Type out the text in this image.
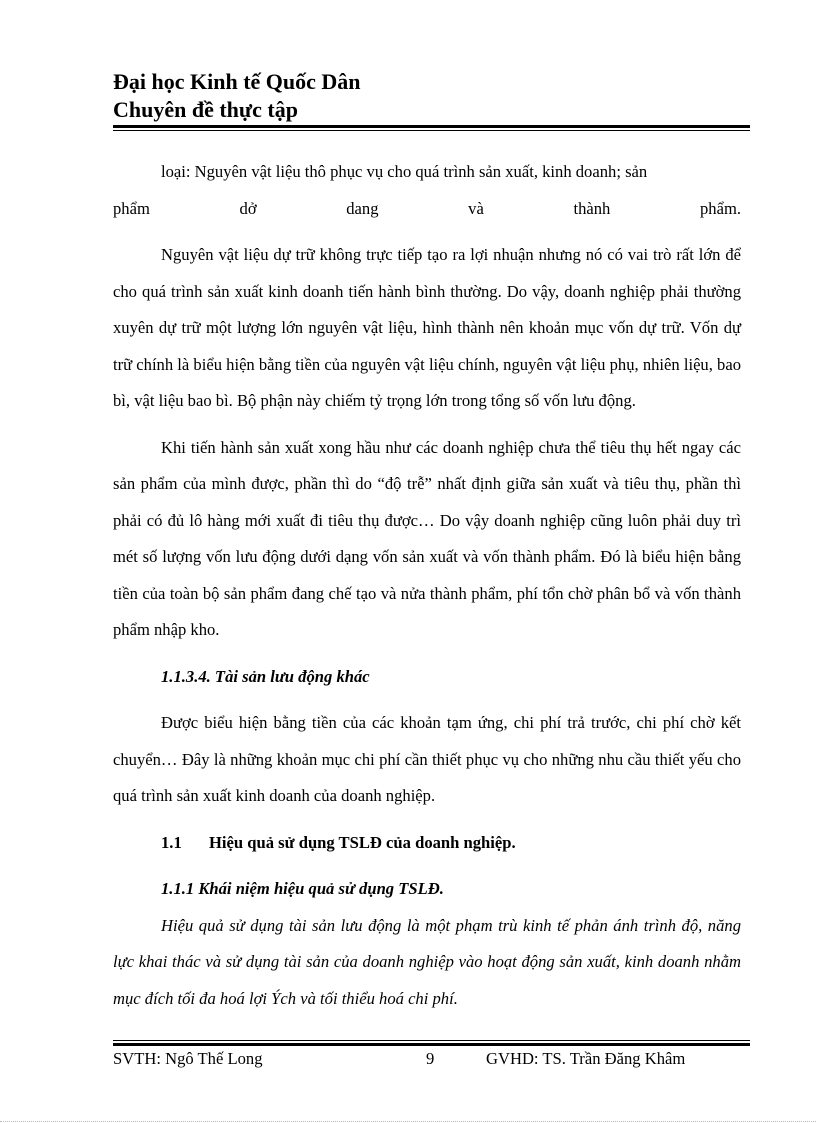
Đại học Kinh tế Quốc Dân
Chuyên đề thực tập

loại: Nguyên vật liệu thô phục vụ cho quá trình sản xuất, kinh doanh; sản

phẩm dở dang và thành phẩm.

Nguyên vật liệu dự trữ không trực tiếp tạo ra lợi nhuận nhưng nó có vai trò rất lớn để cho quá trình sản xuất kinh doanh tiến hành bình thường. Do vậy, doanh nghiệp phải thường xuyên dự trữ một lượng lớn nguyên vật liệu, hình thành nên khoản mục vốn dự trữ. Vốn dự trữ chính là biểu hiện bằng tiền của nguyên vật liệu chính, nguyên vật liệu phụ, nhiên liệu, bao bì, vật liệu bao bì. Bộ phận này chiếm tỷ trọng lớn trong tổng số vốn lưu động.

Khi tiến hành sản xuất xong hầu như các doanh nghiệp chưa thể tiêu thụ hết ngay các sản phẩm của mình được, phần thì do “độ trễ” nhất định giữa sản xuất và tiêu thụ, phần thì phải có đủ lô hàng mới xuất đi tiêu thụ được… Do vậy doanh nghiệp cũng luôn phải duy trì mét số lượng vốn lưu động dưới dạng vốn sản xuất và vốn thành phẩm. Đó là biểu hiện bằng tiền của toàn bộ sản phẩm đang chế tạo và nửa thành phẩm, phí tổn chờ phân bổ và vốn thành phẩm nhập kho.

1.1.3.4. Tài sản lưu động khác

Được biểu hiện bằng tiền của các khoản tạm ứng, chi phí trả trước, chi phí chờ kết chuyển… Đây là những khoản mục chi phí cần thiết phục vụ cho những nhu cầu thiết yếu cho quá trình sản xuất kinh doanh của doanh nghiệp.

1.1 Hiệu quả sử dụng TSLĐ của doanh nghiệp.

1.1.1 Khái niệm hiệu quả sử dụng TSLĐ.

Hiệu quả sử dụng tài sản lưu động là một phạm trù kinh tế phản ánh trình độ, năng lực khai thác và sử dụng tài sản của doanh nghiệp vào hoạt động sản xuất, kinh doanh nhằm mục đích tối đa hoá lợi Ých và tối thiểu hoá chi phí.

SVTH: Ngô Thế Long	9	GVHD: TS. Trần Đăng Khâm
